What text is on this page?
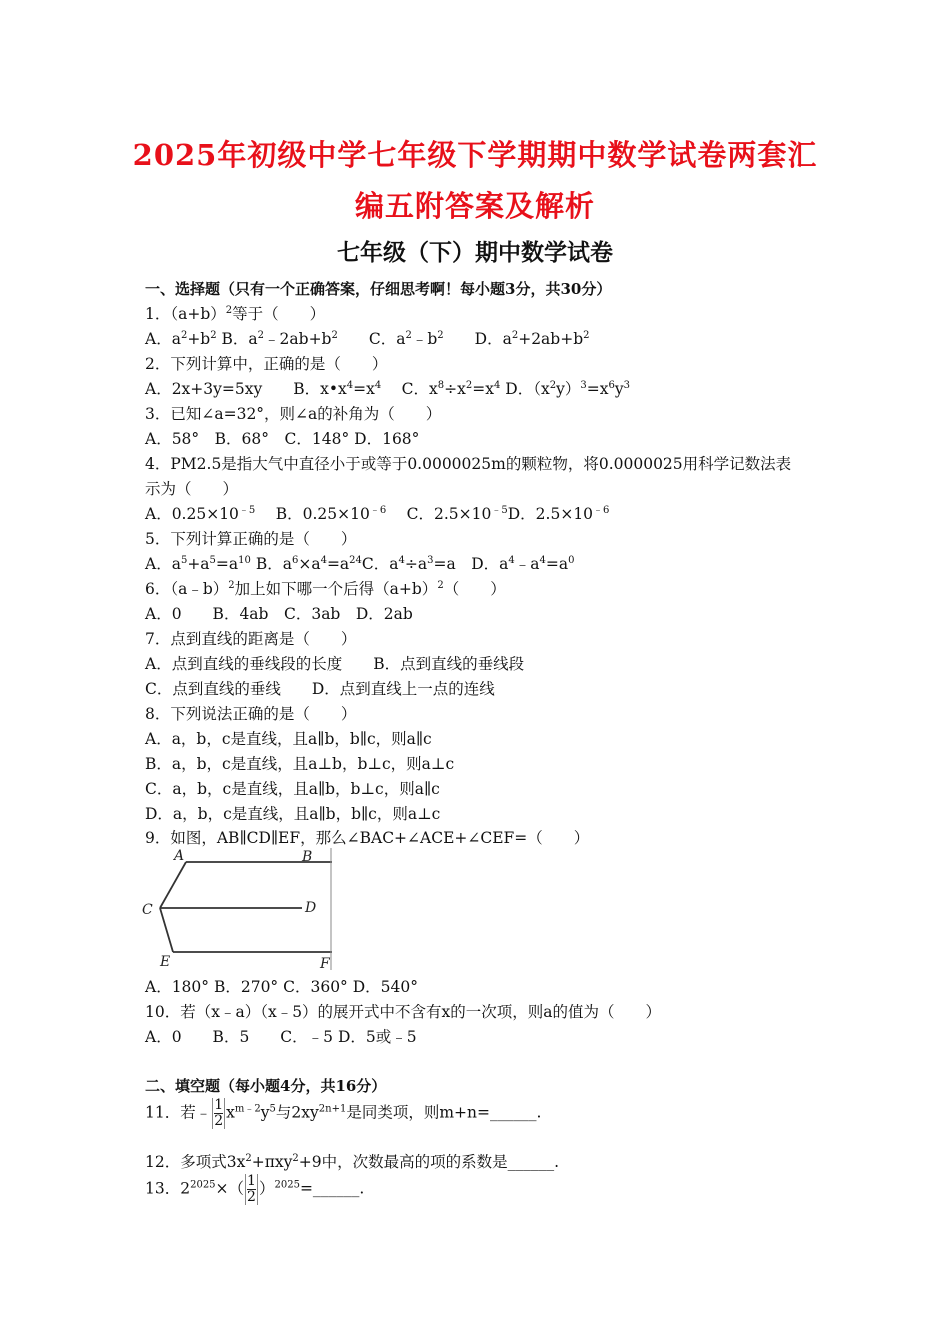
2025年初级中学七年级下学期期中数学试卷两套汇
编五附答案及解析
七年级（下）期中数学试卷
一、选择题（只有一个正确答案，仔细思考啊！每小题3分，共30分）
1．$(a+b)^2$等于（　　）
A．$a^2+b^2$ B．$a^2﹣2ab+b^2$　　C．$a^2﹣b^2$　　D．$a^2+2ab+b^2$
2．下列计算中，正确的是（　　）
A．2x+3y=5xy　　B．$x•x^4=x^4$　 C．$x^8\div x^2=x^4$ D．$(x^2y)^3=x^6y^3$
3．已知∠a=32°，则∠a的补角为（　　）
A．58°　B．68°　C．148° D．168°
4．PM2.5是指大气中直径小于或等于0.0000025m的颗粒物，将0.0000025用科学记数法表
示为（　　）
A．$0.25\times 10^{﹣5}$　 B．$0.25\times 10^{﹣6}$　 C．$2.5\times 10^{﹣5}D$．$2.5\times 10^{﹣6}$
5．下列计算正确的是（　　）
A．$a^5+a^5=a^{10}$ B．$a^6\times a^4=a^{24}C$．$a^4\div a^3=a$　D．$a^4﹣a^4=a^0$
6．（a﹣b）$^2$加上如下哪一个后得$(a+b)^2$（　　）
A．0　　B．4ab　C．3ab　D．2ab
7．点到直线的距离是（　　）
A．点到直线的垂线段的长度　　B．点到直线的垂线段
C．点到直线的垂线　　D．点到直线上一点的连线
8．下列说法正确的是（　　）
A．a，b，c是直线，且a∥b，b∥c，则a∥c
B．a，b，c是直线，且a⊥b，b⊥c，则a⊥c
C．a，b，c是直线，且a∥b，b⊥c，则a∥c
D．a，b，c是直线，且a∥b，b∥c，则a⊥c
9．如图，AB∥CD∥EF，那么∠BAC+∠ACE+∠CEF=（　　）
A	B
C	D
E	F
A．180° B．270° C．360° D．540°
10．若（x﹣a）（x﹣5）的展开式中不含有x的一次项，则a的值为（　　）
A．0　　B．5　　C．﹣5 D．5或﹣5
二、填空题（每小题4分，共16分）
11．若﹣ $\frac{1}{2} x^{m﹣2}y^5$与$2xy^{2n+1}$是同类项，则m+n=______.
12．多项式$3x^2+\pi xy^2+9$中，次数最高的项的系数是______.
13．$2^{2025}\times( \frac{1}{2}$ ）$^{2025}=\_\_\_\_\_\_$.
